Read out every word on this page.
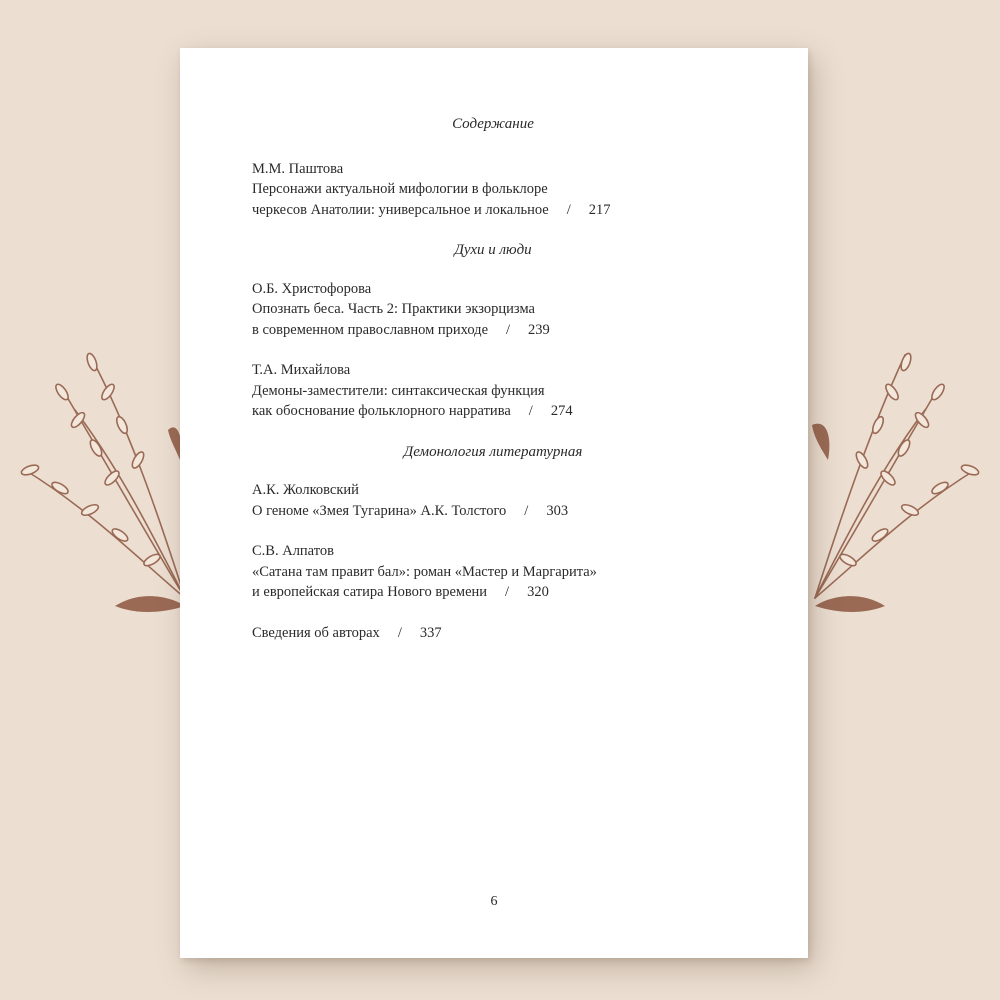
Содержание
М.М. Паштова
Персонажи актуальной мифологии в фольклоре
черкесов Анатолии: универсальное и локальное / 217
Духи и люди
О.Б. Христофорова
Опознать беса. Часть 2: Практики экзорцизма
в современном православном приходе / 239
Т.А. Михайлова
Демоны-заместители: синтаксическая функция
как обоснование фольклорного нарратива / 274
Демонология литературная
А.К. Жолковский
О геноме «Змея Тугарина» А.К. Толстого / 303
С.В. Алпатов
«Сатана там правит бал»: роман «Мастер и Маргарита»
и европейская сатира Нового времени / 320
Сведения об авторах / 337
6
